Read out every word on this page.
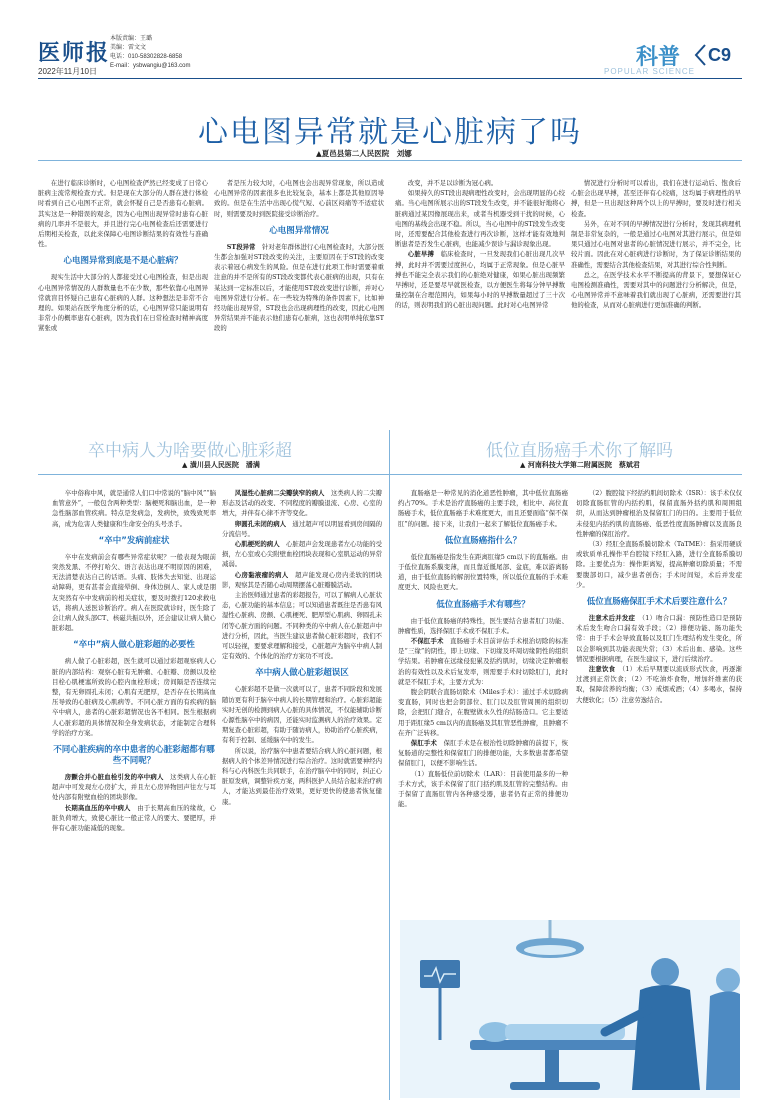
医师报
2022年11月10日
本版责编：王璐
美编：雷文文
电话：010-58302828-6858
E-mail：ysbwangiu@163.com	科普
POPULAR SCIENCE
C9
心电图异常就是心脏病了吗
▲夏邑县第二人民医院　刘娜

在进行临床诊断时，心电图检查俨然已经变成了日常心脏病主流常规检查方式。但是现在大部分的人群在进行体检时看到自己心电图不正常，就会怀疑自己是否患有心脏病。其实这是一种错误的观念，因为心电图出现异常时患有心脏病的几率并不是很大，并且进行完心电图检查后还需要进行后期相关检查，以此来保障心电图诊断结果的有效性与准确性。

心电图异常到底是不是心脏病？

现实生活中大部分的人都接受过心电图检查，但是出现心电图异常情况的人群数量也不在少数，那些依靠心电图异常就盲目怀疑自己患有心脏病的人群。这种想法是非常不合理的。如果站在医学角度分析的话，心电图异常只能说明有非常小的概率患有心脏病，因为我们在日常检查时精神高度紧张或

者是压力较大时，心电图也会出现异常现象，所以造成心电图异常的因素很多也比较复杂，基本上都是其他原因导致的。但是在生活中出现心慌气短、心前区闷痛等不适症状时，则需要及时到医院接受诊断治疗。

心电图异常情况

ST段异常　 针对老年群体进行心电图检查时，大部分医生都会加强对ST段改变的关注，主要原因在于ST段的改变表示着冠心病发生的风险。但是在进行此项工作时需要着重注意的并不是所有的ST段改变都代表心脏病的出现，只有在某达到一定标准以后，才能使用ST段改变进行诊断，并对心电图异常进行分析。在一些较为特殊的条件因素下，比如神经功能出现异常，ST段也会出现病理性的改变，因此心电图异常结果并不能表示他们患有心脏病，这也表明单纯依靠ST段的

改变，并不足以诊断为冠心病。

如果持久的ST段出现病理性改变时，会出现明显的心绞痛。当心电图所展示出的ST段发生改变，并不能很好地将心脏病通过某因像展现出来，或者当机器受到干扰的时候，心电图的基线会出现不稳。所以，当心电图中的ST段发生改变时，还需要配合其他检查进行再次诊断，这样才能有效地判断患者是否发生心脏病，也能减少误诊与漏诊现象出现。

心脏早搏　 临床检查时，一旦发现我们心脏出现几次早搏，此时并不需要过度担心，均属于正常现象。但是心脏早搏也不能完全表示我们的心脏绝对健康，如果心脏出现频繁早搏时，还是要尽早就医检查，以方便医生将每分钟早搏数量控制在合理范围内，如果每小时的早搏数量超过了三十次的话，则表明我们的心脏出现问题。此时对心电图异常

情况进行分析时可以看出，我们在进行运动后、饱食后心脏会出现早搏，甚至还伴有心绞痛，这均属于病理性的早搏，但是一旦出现这种两个以上的早搏时，要及时进行相关检查。

另外，在对不同的早搏情况进行分析时，发现其病理机制是非常复杂的，一般是通过心电图对其进行展示，但是如果只通过心电图对患者的心脏情况进行展示，并不完全，比较片面。因此在对心脏病进行诊断时，为了保证诊断结果的准确性，需要结合其他检查结果，对其进行综合性判断。

总之，在医学技术水平不断提高的背景下，要想保证心电图检测准确性，需要对其中的问题进行分析解决，但是，心电图异常并不意味着我们就出现了心脏病，还需要进行其他的检查，从而对心脏病进行更加准确的判断。

卒中病人为啥要做心脏彩超
▲ 潢川县人民医院　潘满
低位直肠癌手术你了解吗
▲ 河南科技大学第二附属医院　蔡斌君

卒中俗称中风，就是通常人们口中常说的“脑中风”“脑血管意外”，一般包含两种类型：脑梗死和脑出血，是一种急性脑部血管疾病。特点是发病急，发病快，致残致死率高，成为危害人类健康和生命安全的头号杀手。

“卒中”发病前症状

卒中在发病前会有哪些异常症状呢？一般表现为眼前突然发黑、不停打哈欠、语言表达出现不明原因的困难，无法清楚表达自己的话语。头痛、肢体失去知觉、出现运动障碍，更有甚者会直接晕倒、身体边倒人、家人或是朋友突然有卒中发病前的相关症状，要及时拨打120求救电话，将病人送医诊断治疗。病人在医院就诊时，医生除了会让病人做头部CT、核磁共振以外，还会建议让病人做心脏彩超。

“卒中”病人做心脏彩超的必要性

病人做了心脏彩超，医生就可以通过彩超观察病人心脏的内部结构：观察心脏有无肿瘤、心脏瓣、房颤以及栓目栓心肌梗塞所致的心腔内血栓形成；房间隔是否连续完整，有无卵圆孔未闭；心肌有无肥厚，是否存在长期高血压导致的心脏病及心肌病等。不同心脏方面的有疾病的脑卒中病人，患者的心脏彩超情况也各不相同。医生根据病人心脏彩超的具体情况和全身发病状态，才能制定合理科学的治疗方案。

不同心脏疾病的卒中患者的心脏彩超都有哪些不同呢？

房颤合并心脏血栓引发的卒中病人　 这类病人在心脏超声中可发现左心房扩大，并且左心房异物回声往左与耳处内部有附壁血栓的团块影像。

长期高血压的卒中病人　 由于长期高血压的缘故，心脏负荷增大，致使心脏比一般正常人的要大、要肥厚，并伴有心脏功能减低的现象。

风湿性心脏病二尖瓣狭窄的病人　 这类病人的二尖瓣形态及活动的改变、不同程度的瓣膜退流、心房、心室的增大，并伴有心律不齐等变化。

卵圆孔未闭的病人　 通过超声可以明显看到房间隔的分流信号。

心肌梗死的病人　 心脏超声会发现患者左心功能的受损，左心室或心尖附壁血栓团块表现和心室肌运动的异常减弱。

心房黏液瘤的病人　 超声能发现心房内柔软的团块影，观察其是否随心动周期摆荡心脏瓣膜活动。

主治医师通过患者的彩超报告，可以了解病人心脏状态，心脏功能的基本信息；可以知道患者既往是否患有风湿性心脏病、房颤、心肌梗死、肥厚型心肌病、卵圆孔未闭等心脏方面的问题。不同种类的卒中病人在心脏超声中进行分析，因此，当医生建议患者做心脏彩超时，我们不可以轻视，要要求理解和接受，心脏超声为脑卒中病人制定有效的、个体化的治疗方案功不可没。

卒中病人做心脏彩超误区

心脏彩超不是做一次就可以了，患者不同阶段和发展随访更有利于脑卒中病人的长期管理和治疗。心脏彩超能实时无创的检测到病人心脏的具体情况，不仅能辅助诊断心源性脑卒中的病因，还能实时监测病人的治疗效果。定期复查心脏彩超，有助于随访病人，协助治疗心脏疾病，有利于控制、延缓脑卒中的发生。

所以说，治疗脑卒中患者要结合病人的心脏问题，根据病人的个体差异情况进行综合治疗。这时就需要神经内科与心内科医生共同联手，在治疗脑卒中的同时，纠正心脏原发病，调整针疾方案，两科医护人员结合起来治疗病人，才能达到最佳治疗效果，更好更快的使患者恢复健康。

直肠癌是一种常见的消化道恶性肿瘤，其中低位直肠癌约占70%。手术是治疗直肠癌的主要手段，相比中、高位直肠癌手术，低位直肠癌手术难度更大，而且还要面临“保不保肛”的问题。接下来，让我们一起来了解低位直肠癌手术。

低位直肠癌指什么？

低位直肠癌是指发生在距离肛缘5 cm以下的直肠癌。由于低位直肠系膜变薄，而且靠近骶尾部、盆底，难以游离肠道，由于低位直肠的解剖位置特殊，所以低位直肠的手术难度更大、风险也更大。

低位直肠癌手术有哪些？

由于低位直肠癌的特殊性，医生要结合患者肛门功能、肿瘤性质，选择保肛手术或不保肛手术。

不保肛手术　 直肠癌手术目前评估手术根治切除的标准是“三缘”的阴性，即上切缘、下切缘及环周切缘阴性的组织学结果。若肿瘤在远缘侵犯累及括约肌时，切缘决定肿瘤根治的有效性以及术后复发率，则需要手术时切除肛门，此时就是不保肛手术，主要方式为：

腹会阴联合直肠切除术（Miles手术）：通过手术切除病变直肠，同时也把会阴部位、肛门以及肛管周围的组织切除，会把肛门缝合，在腹壁做永久性的结肠造口。它主要适用于距肛缘5 cm以内的直肠癌及其肛管恶性肿瘤，且肿瘤不在齐广泛转移。

保肛手术　 保肛手术是在根治性切除肿瘤的前提下，恢复肠道的完整性和保留肛门的排便功能，大多数患者都希望保留肛门，以便不影响生活。

（1）直肠低位前切除术（LAR）：目前使用最多的一种手术方式，该手术保留了肛门括约肌及肛管的完整结构。由于保留了直肠肛管内各种感受器，患者仍有正常的排便功能。

（2）腹腔镜下经括约肌间切除术（ISR）：该手术仅仅切除直肠肛管的内括约肌，保留直肠外括约肌和周围组织，从而达到肿瘤根治及保留肛门的目的。主要用于低位未侵犯内括约肌的直肠癌、低恶性度直肠肿瘤以及直肠良性肿瘤的保肛治疗。

（3）经肛全直肠系膜切除术（TaTME）：指采用硬质或软质单孔操作平台腔镜下经肛入路，进行全直肠系膜切除。主要优点为：操作距离短，提高肿瘤切除质量；不需要腹部切口，减少患者创伤；手术时间短，术后并发症少。

低位直肠癌保肛手术术后要注意什么？

注意术后并发症　 （1）吻合口漏：预防性造口是预防术后发生吻合口漏有效手段；（2）排便功能、肠功能失常：由于手术会导致直肠以及肛门生理结构发生变化，所以会影响到其功能表现失常；（3）术后出血、感染。这些情况要根据病理，在医生建议下，进行后续治疗。

注意饮食　 （1）术后早期要以流质形式饮食，再逐渐过渡到正常饮食；（2）不吃油炸食物，增加纤维素的获取，保障营养的均衡；（3）戒烟戒酒；（4）多喝水，保持大便软化；（5）注意劳逸结合。
